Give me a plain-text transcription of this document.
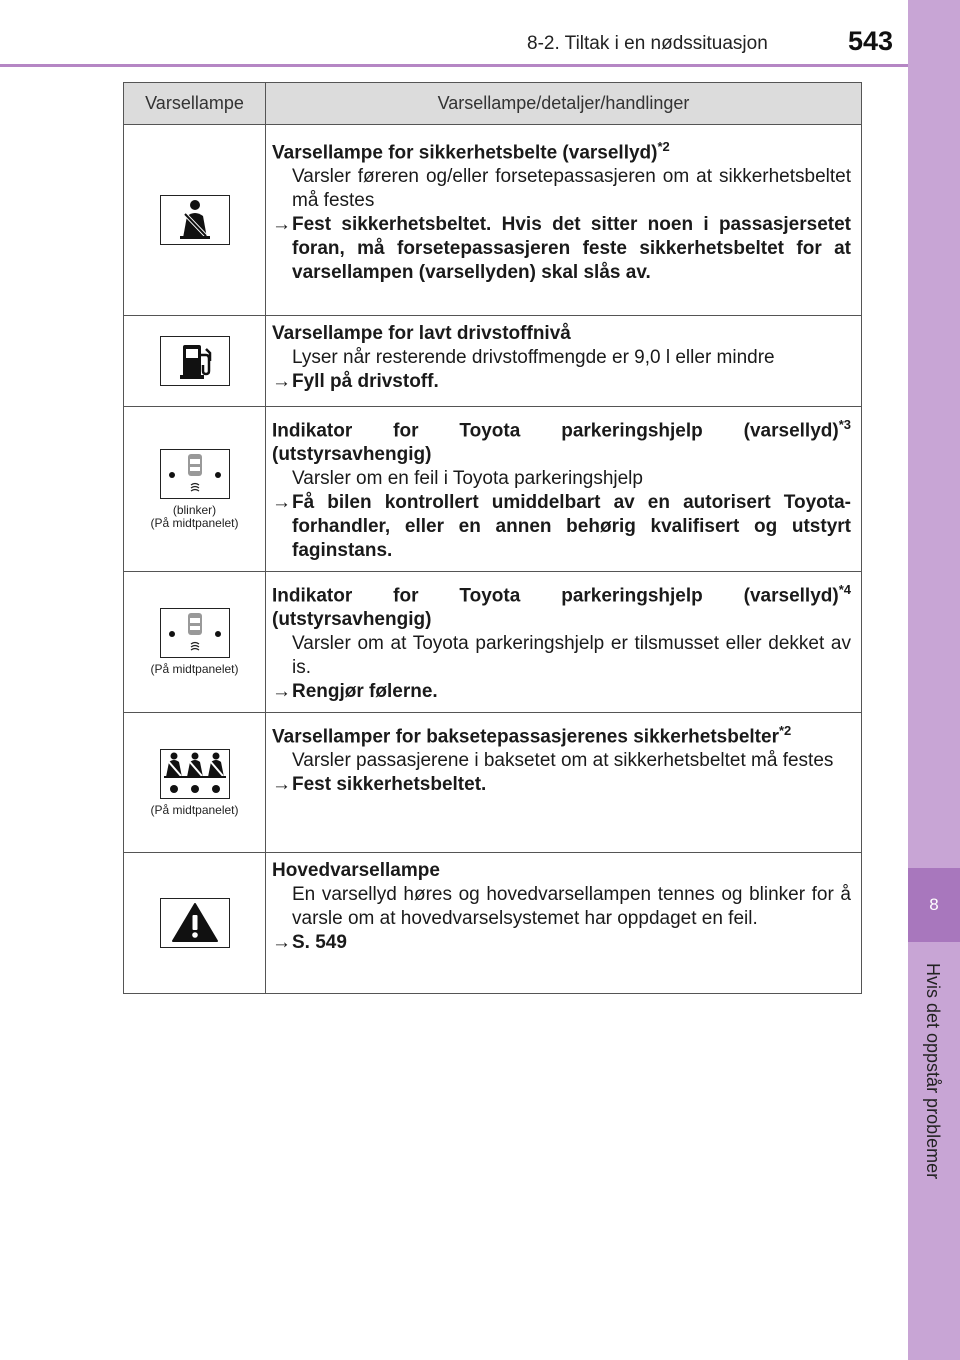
8-2. Tiltak i en nødssituasjon	543
8
Hvis det oppstår problemer
Varsellampe	Varsellampe/detaljer/handlinger
Varsellampe for sikkerhetsbelte (varsellyd)$^{*2}$
Varsler føreren og/eller forsetepassasjeren om at sikkerhetsbeltet må festes
→ Fest sikkerhetsbeltet. Hvis det sitter noen i passasjersetet foran, må forsetepassasjeren feste sikkerhetsbeltet for at varsellampen (varsellyden) skal slås av.
Varsellampe for lavt drivstoffnivå
Lyser når resterende drivstoffmengde er 9,0 l eller mindre
→ Fyll på drivstoff.
(blinker)
(På midtpanelet)
Indikator for Toyota parkeringshjelp (varsellyd)$^{*3}$
(utstyrsavhengig)
Varsler om en feil i Toyota parkeringshjelp
→ Få bilen kontrollert umiddelbart av en autorisert Toyota-forhandler, eller en annen behørig kvalifisert og utstyrt faginstans.
(På midtpanelet)
Indikator for Toyota parkeringshjelp (varsellyd)$^{*4}$
(utstyrsavhengig)
Varsler om at Toyota parkeringshjelp er tilsmusset eller dekket av is.
→ Rengjør følerne.
(På midtpanelet)
Varsellamper for baksetepassasjerenes sikkerhetsbelter$^{*2}$
Varsler passasjerene i baksetet om at sikkerhetsbeltet må festes
→ Fest sikkerhetsbeltet.
Hovedvarsellampe
En varsellyd høres og hovedvarsellampen tennes og blinker for å varsle om at hovedvarselsystemet har oppdaget en feil.
→ S. 549
